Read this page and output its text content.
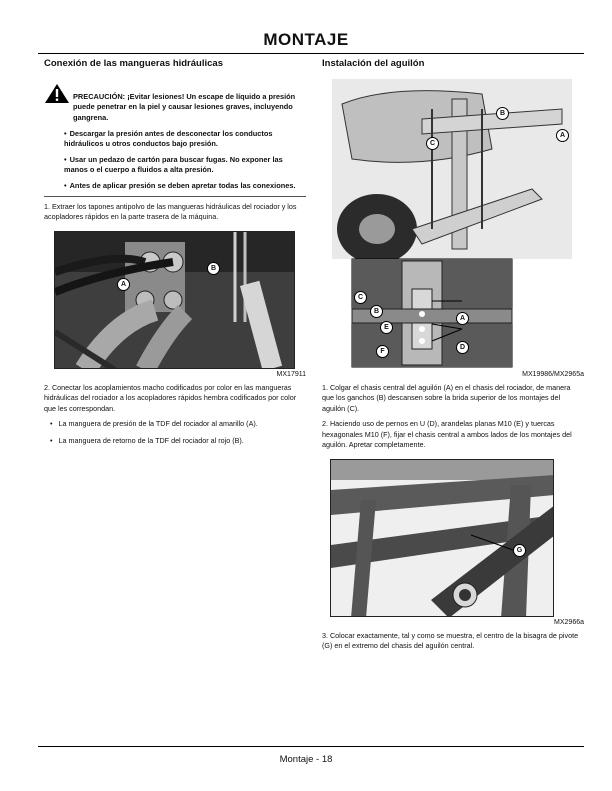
MONTAJE
Conexión de las mangueras hidráulicas
PRECAUCIÓN: ¡Evitar lesiones! Un escape de líquido a presión puede penetrar en la piel y causar lesiones graves, incluyendo gangrena.
• Descargar la presión antes de desconectar los conductos hidráulicos u otros conductos bajo presión.
• Usar un pedazo de cartón para buscar fugas. No exponer las manos o el cuerpo a fluidos a alta presión.
• Antes de aplicar presión se deben apretar todas las conexiones.

1. Extraer los tapones antipolvo de las mangueras hidráulicas del rociador y los acopladores rápidos en la parte trasera de la máquina.

A
B
MX17911

2. Conectar los acoplamientos macho codificados por color en las mangueras hidráulicas del rociador a los acopladores rápidos hembra codificados por color que les correspondan.

• La manguera de presión de la TDF del rociador al amarillo (A).
• La manguera de retorno de la TDF del rociador al rojo (B).
Instalación del aguilón
B
A
C
C
B
A
E
D
F
MX19986/MX2965a

1. Colgar el chasis central del aguilón (A) en el chasis del rociador, de manera que los ganchos (B) descansen sobre la brida superior de los montajes del aguilón (C).

2. Haciendo uso de pernos en U (D), arandelas planas M10 (E) y tuercas hexagonales M10 (F), fijar el chasis central a ambos lados de los montajes del aguilón. Apretar completamente.

G
MX2966a

3. Colocar exactamente, tal y como se muestra, el centro de la bisagra de pivote (G) en el extremo del chasis del aguilón central.

Montaje - 18
